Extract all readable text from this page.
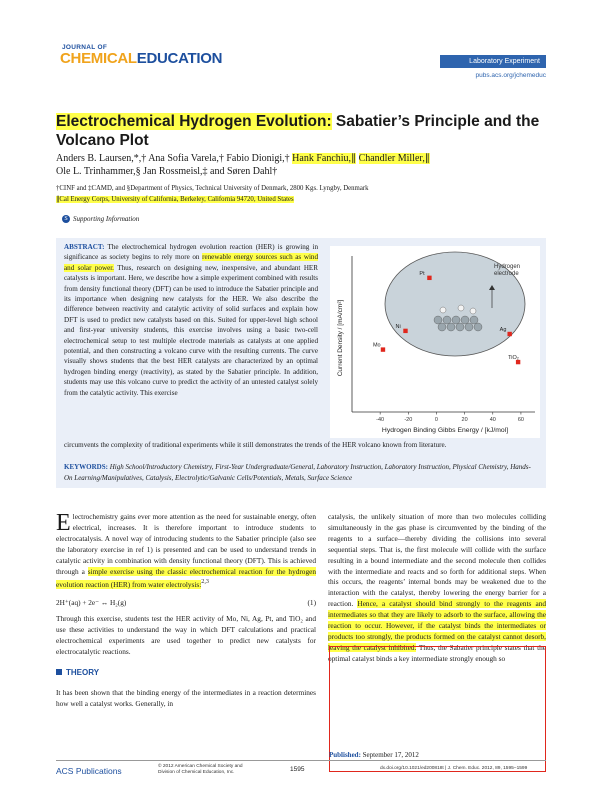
JOURNAL OF
CHEMICALEDUCATION	Laboratory Experiment
pubs.acs.org/jchemeduc
Electrochemical Hydrogen Evolution: Sabatier’s Principle and the Volcano Plot
Anders B. Laursen,*,† Ana Sofia Varela,† Fabio Dionigi,† Hank Fanchiu,∥ Chandler Miller,∥
Ole L. Trinhammer,§ Jan Rossmeisl,‡ and Søren Dahl†
†CINF and ‡CAMD, and §Department of Physics, Technical University of Denmark, 2800 Kgs. Lyngby, Denmark
∥Cal Energy Corps, University of California, Berkeley, California 94720, United States
S Supporting Information
ABSTRACT: The electrochemical hydrogen evolution reaction (HER) is growing in significance as society begins to rely more on renewable energy sources such as wind and solar power. Thus, research on designing new, inexpensive, and abundant HER catalysts is important. Here, we describe how a simple experiment combined with results from density functional theory (DFT) can be used to introduce the Sabatier principle and its importance when designing new catalysts for the HER. We also describe the difference between reactivity and catalytic activity of solid surfaces and explain how DFT is used to predict new catalysts based on this. Suited for upper-level high school and first-year university students, this exercise involves using a basic two-cell electrochemical setup to test multiple electrode materials as catalysts at one applied potential, and then constructing a volcano curve with the resulting currents. The curve visually shows students that the best HER catalysts are characterized by an optimal hydrogen binding energy (reactivity), as stated by the Sabatier principle. In addition, students may use this volcano curve to predict the activity of an untested catalyst solely from the catalytic activity. This exercise
circumvents the complexity of traditional experiments while it still demonstrates the trends of the HER volcano known from literature.
KEYWORDS: High School/Introductory Chemistry, First-Year Undergraduate/General, Laboratory Instruction, Laboratory Instruction, Physical Chemistry, Hands-On Learning/Manipulatives, Catalysis, Electrolytic/Galvanic Cells/Potentials, Metals, Surface Science
Hydrogen
electrode
-40	-20	0	20	40	60
Pt
Ni
Mo
Ag
TiO₂
Current Density / [mA/cm²]
Hydrogen Binding Gibbs Energy / [kJ/mol]

Electrochemistry gains ever more attention as the need for sustainable energy, often electrical, increases. It is therefore important to introduce students to electrocatalysis. A novel way of introducing students to the Sabatier principle (also see the laboratory exercise in ref 1) is presented and can be used to understand trends in catalytic activity in combination with density functional theory (DFT). This is achieved through a simple exercise using the classic electrochemical reaction for the hydrogen evolution reaction (HER) from water electrolysis:$^{2,3}$

2H⁺(aq) + 2e⁻ ↔ H₂(g)	(1)
Through this exercise, students test the HER activity of Mo, Ni, Ag, Pt, and TiO₂ and use these activities to understand the way in which DFT calculations and practical electrochemical experiments are used together to predict new catalysts for electrocatalytic reactions.
THEORY
It has been shown that the binding energy of the intermediates in a reaction determines how well a catalyst works. Generally, in
catalysis, the unlikely situation of more than two molecules colliding simultaneously in the gas phase is circumvented by the binding of the reagents to a surface—thereby dividing the collisions into several sequential steps. That is, the first molecule will collide with the surface resulting in a bound intermediate and the second molecule then collides with the intermediate and reacts and so forth for additional steps. When this occurs, the reagents’ internal bonds may be weakened due to the interaction with the catalyst, thereby lowering the energy barrier for a reaction. Hence, a catalyst should bind strongly to the reagents and intermediates so that they are likely to adsorb to the surface, allowing the reaction to occur. However, if the catalyst binds the intermediates or products too strongly, the products formed on the catalyst cannot desorb, leaving the catalyst inhibited. Thus, the Sabatier principle states that the optimal catalyst binds a key intermediate strongly enough so
Published: September 17, 2012
ACS Publications	© 2012 American Chemical Society and
Division of Chemical Education, Inc.	1595	dx.doi.org/10.1021/ed200818t | J. Chem. Educ. 2012, 89, 1595−1599
